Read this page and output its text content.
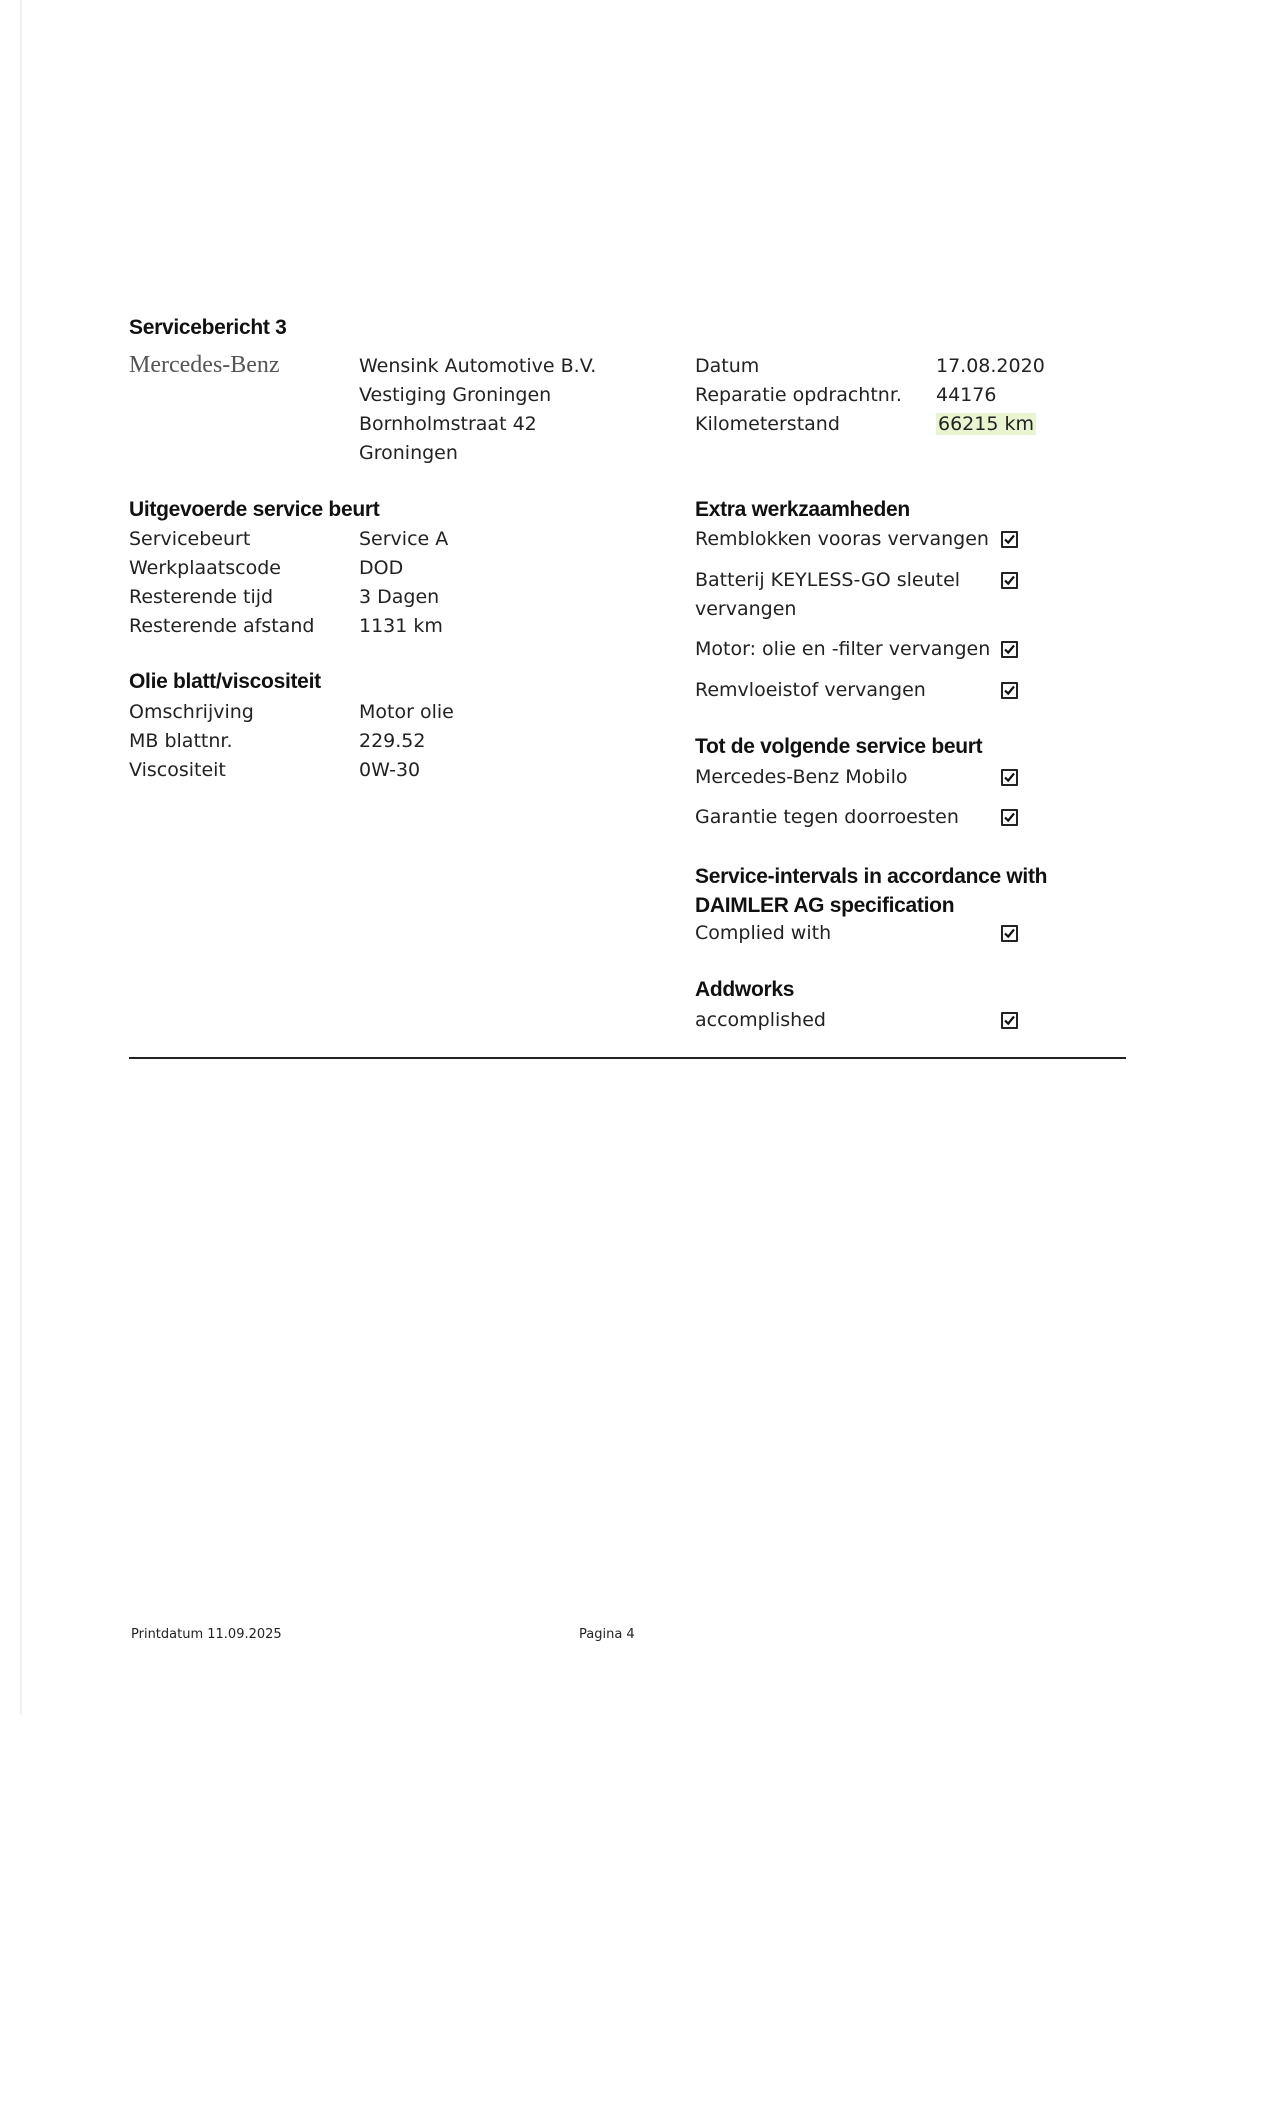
Servicebericht 3
Mercedes-Benz	Wensink Automotive B.V.
Vestiging Groningen
Bornholmstraat 42
Groningen
Datum
Reparatie opdrachtnr.
Kilometerstand
17.08.2020
44176
66215 km
Uitgevoerde service beurt
Servicebeurt
Werkplaatscode
Resterende tijd
Resterende afstand
Service A
DOD
3 Dagen
1131 km
Olie blatt/viscositeit
Omschrijving
MB blattnr.
Viscositeit
Motor olie
229.52
0W-30
Extra werkzaamheden
Remblokken vooras vervangen
Batterij KEYLESS-GO sleutel
vervangen
Motor: olie en -filter vervangen
Remvloeistof vervangen
Tot de volgende service beurt
Mercedes-Benz Mobilo
Garantie tegen doorroesten
Service-intervals in accordance with
DAIMLER AG specification
Complied with
Addworks
accomplished
Printdatum 11.09.2025	Pagina 4
